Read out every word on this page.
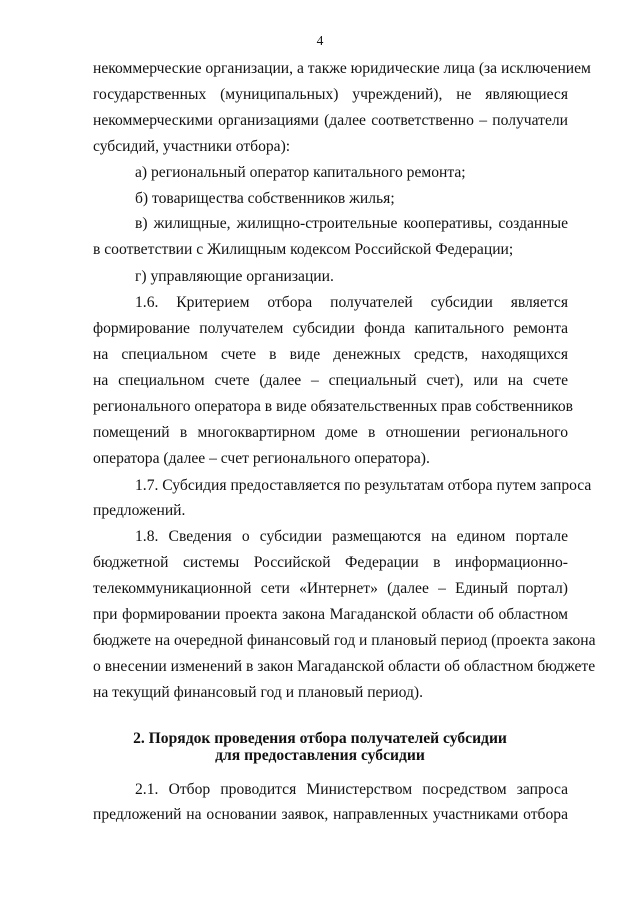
4
некоммерческие организации, а также юридические лица (за исключением
государственных (муниципальных) учреждений), не являющиеся
некоммерческими организациями (далее соответственно – получатели
субсидий, участники отбора):
а) региональный оператор капитального ремонта;
б) товарищества собственников жилья;
в) жилищные, жилищно-строительные кооперативы, созданные
в соответствии с Жилищным кодексом Российской Федерации;
г) управляющие организации.
1.6. Критерием отбора получателей субсидии является
формирование получателем субсидии фонда капитального ремонта
на специальном счете в виде денежных средств, находящихся
на специальном счете (далее – специальный счет), или на счете
регионального оператора в виде обязательственных прав собственников
помещений в многоквартирном доме в отношении регионального
оператора (далее – счет регионального оператора).
1.7. Субсидия предоставляется по результатам отбора путем запроса
предложений.
1.8. Сведения о субсидии размещаются на едином портале
бюджетной системы Российской Федерации в информационно-
телекоммуникационной сети «Интернет» (далее – Единый портал)
при формировании проекта закона Магаданской области об областном
бюджете на очередной финансовый год и плановый период (проекта закона
о внесении изменений в закон Магаданской области об областном бюджете
на текущий финансовый год и плановый период).
2. Порядок проведения отбора получателей субсидии
для предоставления субсидии
2.1. Отбор проводится Министерством посредством запроса
предложений на основании заявок, направленных участниками отбора
